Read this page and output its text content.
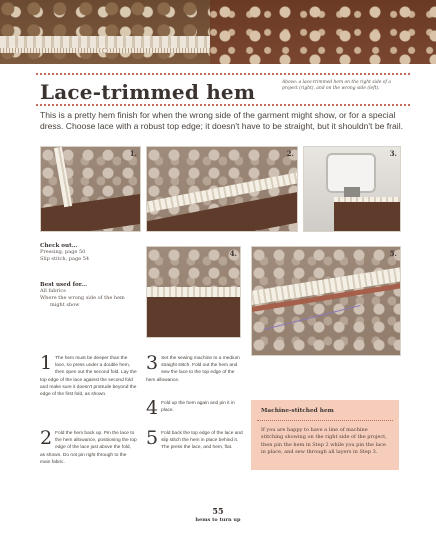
Lace-trimmed hem	Above: a lace-trimmed hem on the right side of a project (right), and on the wrong side (left).

This is a pretty hem finish for when the wrong side of the garment might show, or for a special dress. Choose lace with a robust top edge; it doesn't have to be straight, but it shouldn't be frail.

1.	2.	3.
Check out...
Pressing, page 50
Slip stitch, page 54
Best used for...
All fabrics
Where the wrong side of the hem
might show
4.	5.
1 The hem must be deeper than the lace, so press under a double hem, then open out the second fold. Lay the top edge of the lace against the second fold and make sure it doesn't protrude beyond the edge of the first fold, as shown.
2 Fold the hem back up. Pin the lace to the hem allowance, positioning the top edge of the lace just above the fold, as shown. Do not pin right through to the main fabric.
3 Set the sewing machine to a medium straight stitch. Fold out the hem and sew the lace to the top edge of the hem allowance.
4 Fold up the hem again and pin it in place.
5 Fold back the top edge of the lace and slip stitch the hem in place behind it. The press the lace, and hem, flat.
Machine-stitched hem
If you are happy to have a line of machine
stitching showing on the right side of the project,
then pin the hem in Step 2 while you pin the lace
in place, and sew through all layers in Step 3.
55
hems to turn up
